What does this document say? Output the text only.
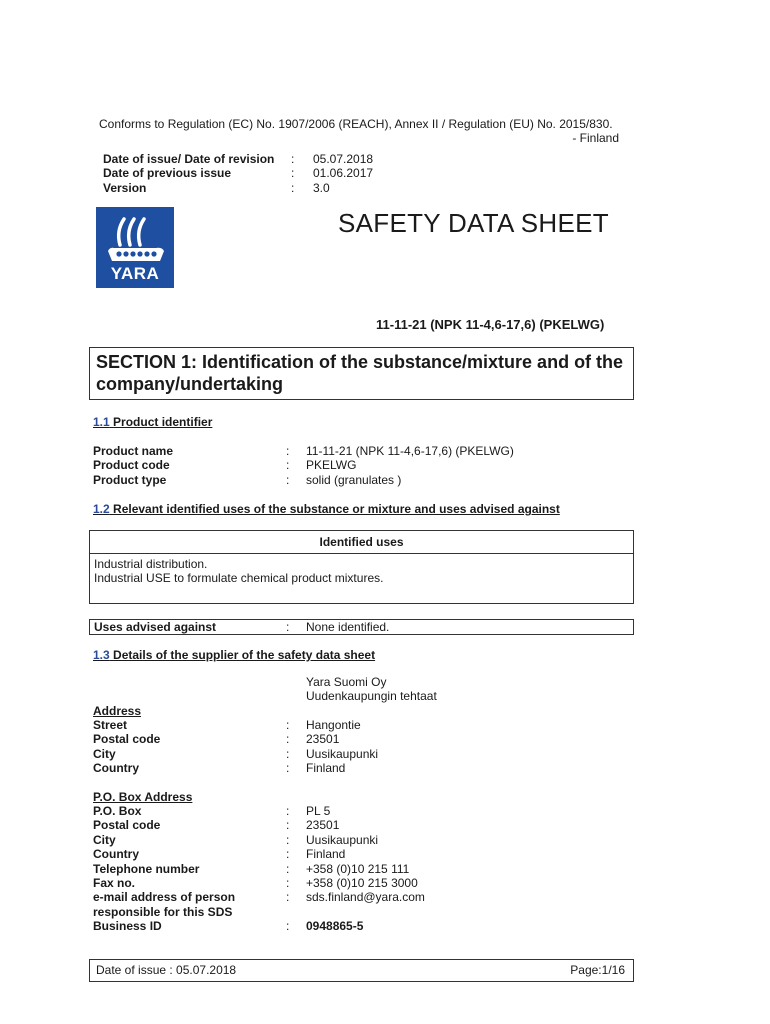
Conforms to Regulation (EC) No. 1907/2006 (REACH), Annex II / Regulation (EU) No. 2015/830.
- Finland
Date of issue/ Date of revision : 05.07.2018
Date of previous issue	: 01.06.2017
Version	: 3.0
YARA
SAFETY DATA SHEET
11-11-21 (NPK 11-4,6-17,6) (PKELWG)
SECTION 1: Identification of the substance/mixture and of the company/undertaking
1.1 Product identifier
Product name	: 11-11-21 (NPK 11-4,6-17,6) (PKELWG)
Product code	: PKELWG
Product type	: solid (granulates )
1.2 Relevant identified uses of the substance or mixture and uses advised against
Identified uses
Industrial distribution.
Industrial USE to formulate chemical product mixtures.
Uses advised against	: None identified.
1.3 Details of the supplier of the safety data sheet
Yara Suomi Oy
Uudenkaupungin tehtaat
Address
Street	: Hangontie
Postal code	: 23501
City	: Uusikaupunki
Country	: Finland
P.O. Box Address
P.O. Box	: PL 5
Postal code	: 23501
City	: Uusikaupunki
Country	: Finland
Telephone number	: +358 (0)10 215 111
Fax no.	: +358 (0)10 215 3000
e-mail address of person	: sds.finland@yara.com
responsible for this SDS
Business ID	: 0948865-5
Date of issue : 05.07.2018	Page:1/16
